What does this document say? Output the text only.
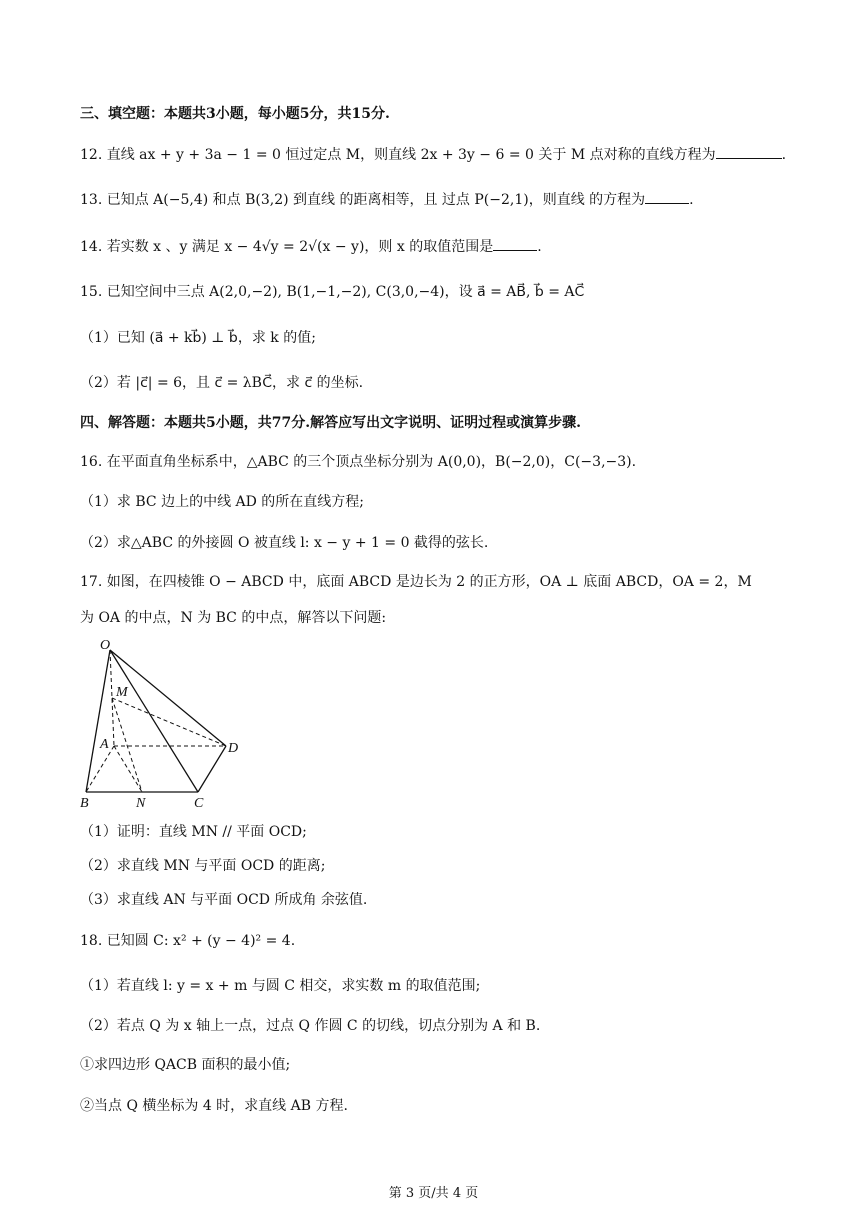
三、填空题：本题共3小题，每小题5分，共15分.
12. 直线 ax + y + 3a − 1 = 0 恒过定点 M，则直线 2x + 3y − 6 = 0 关于 M 点对称的直线方程为	.
13. 已知点 A(−5,4) 和点 B(3,2) 到直线 的距离相等，且 过点 P(−2,1)，则直线 的方程为	.
14. 若实数 x 、y 满足 x − 4√y = 2√(x − y)，则 x 的取值范围是	.
15. 已知空间中三点 A(2,0,−2), B(1,−1,−2), C(3,0,−4)，设 a⃗ = AB⃗, b⃗ = AC⃗
（1）已知 (a⃗ + kb⃗) ⊥ b⃗，求 k 的值;
（2）若 |c⃗| = 6，且 c⃗ = λBC⃗，求 c⃗ 的坐标.
四、解答题：本题共5小题，共77分.解答应写出文字说明、证明过程或演算步骤.
16. 在平面直角坐标系中，△ABC 的三个顶点坐标分别为 A(0,0)，B(−2,0)，C(−3,−3).
（1）求 BC 边上的中线 AD 的所在直线方程;
（2）求△ABC 的外接圆 O 被直线 l: x − y + 1 = 0 截得的弦长.
17. 如图，在四棱锥 O − ABCD 中，底面 ABCD 是边长为 2 的正方形，OA ⊥ 底面 ABCD，OA = 2，M
为 OA 的中点，N 为 BC 的中点，解答以下问题:
O
M
A	D
B	N	C
（1）证明：直线 MN // 平面 OCD;
（2）求直线 MN 与平面 OCD 的距离;
（3）求直线 AN 与平面 OCD 所成角 余弦值.
18. 已知圆 C: x² + (y − 4)² = 4.
（1）若直线 l: y = x + m 与圆 C 相交，求实数 m 的取值范围;
（2）若点 Q 为 x 轴上一点，过点 Q 作圆 C 的切线，切点分别为 A 和 B.
①求四边形 QACB 面积的最小值;
②当点 Q 横坐标为 4 时，求直线 AB 方程.
第 3 页/共 4 页
